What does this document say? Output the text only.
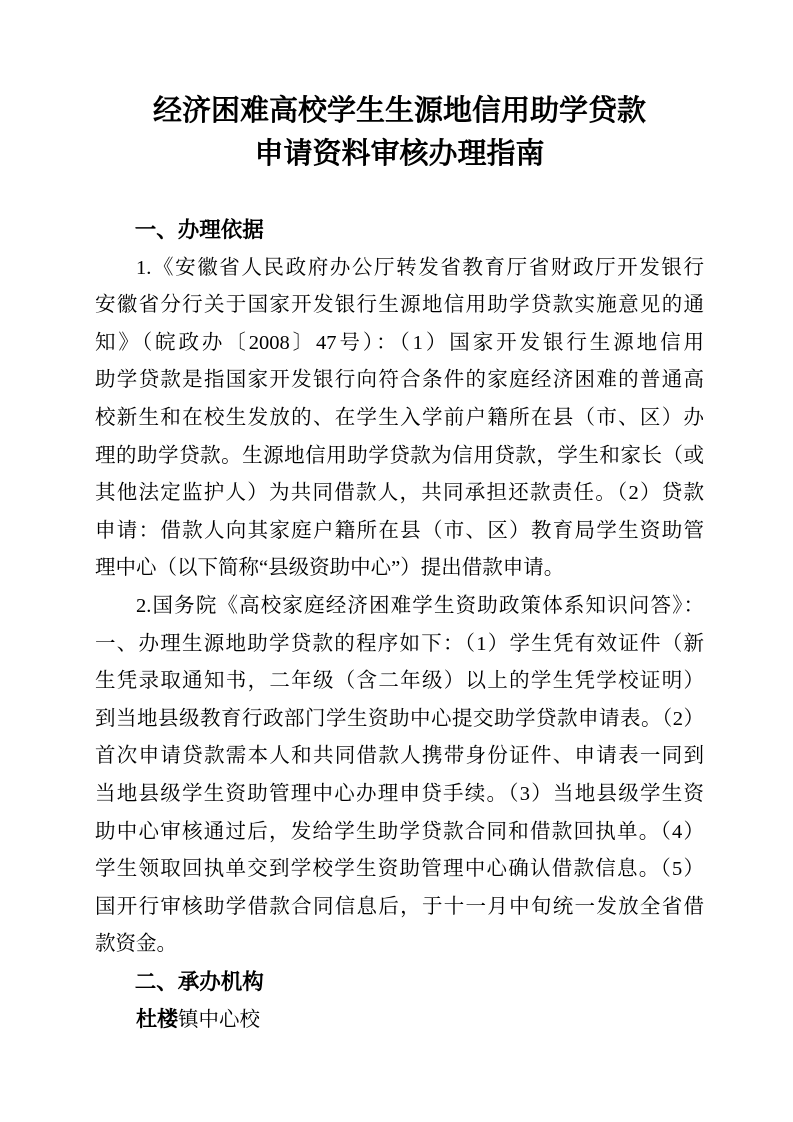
经济困难高校学生生源地信用助学贷款
申请资料审核办理指南
一、办理依据
1.《安徽省人民政府办公厅转发省教育厅省财政厅开发银行
安徽省分行关于国家开发银行生源地信用助学贷款实施意见的通
知》（皖政办〔2008〕47号）：（1）国家开发银行生源地信用
助学贷款是指国家开发银行向符合条件的家庭经济困难的普通高
校新生和在校生发放的、在学生入学前户籍所在县（市、区）办
理的助学贷款。生源地信用助学贷款为信用贷款，学生和家长（或
其他法定监护人）为共同借款人，共同承担还款责任。（2）贷款
申请：借款人向其家庭户籍所在县（市、区）教育局学生资助管
理中心（以下简称“县级资助中心”）提出借款申请。
2.国务院《高校家庭经济困难学生资助政策体系知识问答》：
一、办理生源地助学贷款的程序如下：（1）学生凭有效证件（新
生凭录取通知书，二年级（含二年级）以上的学生凭学校证明）
到当地县级教育行政部门学生资助中心提交助学贷款申请表。（2）
首次申请贷款需本人和共同借款人携带身份证件、申请表一同到
当地县级学生资助管理中心办理申贷手续。（3）当地县级学生资
助中心审核通过后，发给学生助学贷款合同和借款回执单。（4）
学生领取回执单交到学校学生资助管理中心确认借款信息。（5）
国开行审核助学借款合同信息后，于十一月中旬统一发放全省借
款资金。
二、承办机构
杜楼镇中心校
